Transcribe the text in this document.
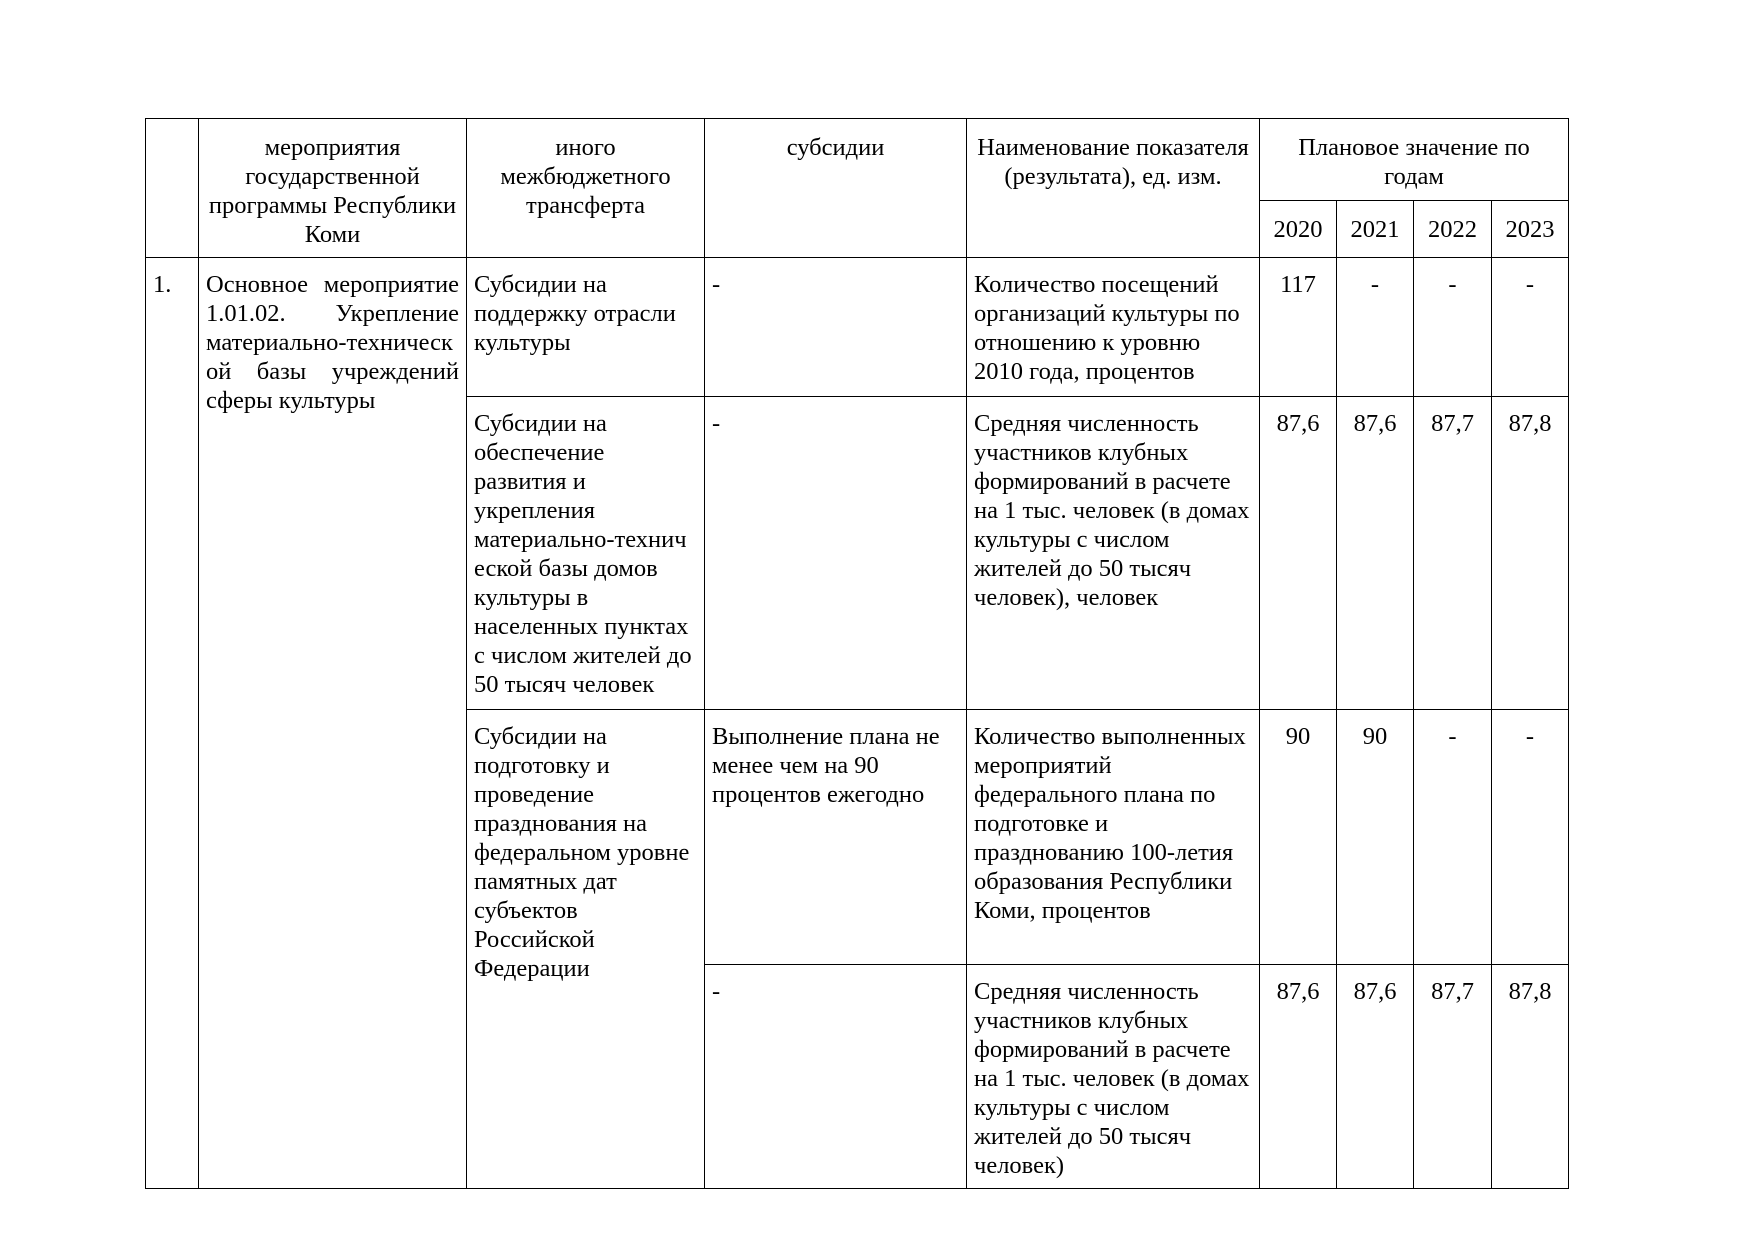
	мероприятия государственной программы Республики Коми	иного межбюджетного трансферта	субсидии	Наименование показателя (результата), ед. изм.	Плановое значение по годам			
					2020	2021	2022	2023
1.	Основное мероприятие 1.01.02. Укрепление материально-техническ ой базы учреждений сферы культуры	Субсидии на поддержку отрасли культуры	-	Количество посещений организаций культуры по отношению к уровню 2010 года, процентов	117	-	-	-
		Субсидии на обеспечение развития и укрепления материально-технич еской базы домов культуры в населенных пунктах с числом жителей до 50 тысяч человек	-	Средняя численность участников клубных формирований в расчете на 1 тыс. человек (в домах культуры с числом жителей до 50 тысяч человек), человек	87,6	87,6	87,7	87,8
		Субсидии на подготовку и проведение празднования на федеральном уровне памятных дат субъектов Российской Федерации	Выполнение плана не менее чем на 90 процентов ежегодно	Количество выполненных мероприятий федерального плана по подготовке и празднованию 100-летия образования Республики Коми, процентов	90	90	-	-
			-	Средняя численность участников клубных формирований в расчете на 1 тыс. человек (в домах культуры с числом жителей до 50 тысяч человек)	87,6	87,6	87,7	87,8
